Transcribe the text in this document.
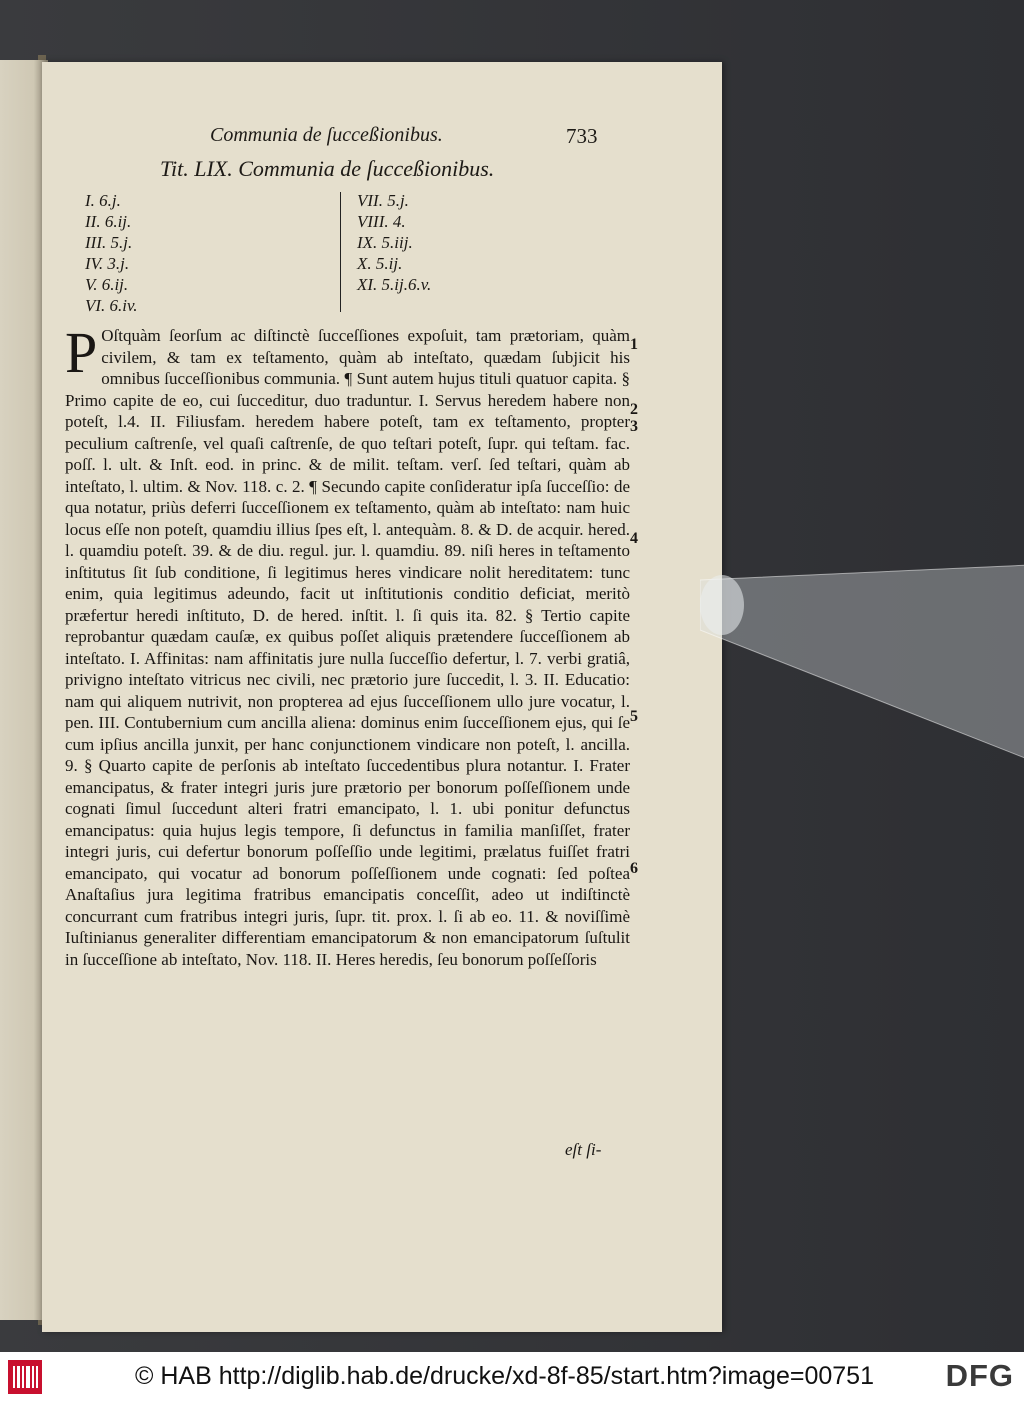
Communia de ſucceßionibus.	733
Tit. LIX. Communia de ſucceßionibus.
I. 6.j.
II. 6.ij.
III. 5.j.
IV. 3.j.
V. 6.ij.
VI. 6.iv.
VII. 5.j.
VIII. 4.
IX. 5.iij.
X. 5.ij.
XI. 5.ij.6.v.
P Oſtquàm ſeorſum ac diſtinctè ſucceſſiones expoſuit, tam prætoriam, quàm civilem, & tam ex teſtamento, quàm ab inteſtato, quædam ſubjicit his omnibus ſucceſſionibus communia. ¶ Sunt autem hujus tituli quatuor capita. § Primo capite de eo, cui ſucceditur, duo traduntur. I. Servus heredem habere non poteſt, l.4. II. Filiusfam. heredem habere poteſt, tam ex teſtamento, propter peculium caſtrenſe, vel quaſi caſtrenſe, de quo teſtari poteſt, ſupr. qui teſtam. fac. poſſ. l. ult. & Inſt. eod. in princ. & de milit. teſtam. verſ. ſed teſtari, quàm ab inteſtato, l. ultim. & Nov. 118. c. 2. ¶ Secundo capite conſideratur ipſa ſucceſſio: de qua notatur, priùs deferri ſucceſſionem ex teſtamento, quàm ab inteſtato: nam huic locus eſſe non poteſt, quamdiu illius ſpes eſt, l. antequàm. 8. & D. de acquir. hered. l. quamdiu poteſt. 39. & de diu. regul. jur. l. quamdiu. 89. niſi heres in teſtamento inſtitutus ſit ſub conditione, ſi legitimus heres vindicare nolit hereditatem: tunc enim, quia legitimus adeundo, facit ut inſtitutionis conditio deficiat, meritò præfertur heredi inſtituto, D. de hered. inſtit. l. ſi quis ita. 82. § Tertio capite reprobantur quædam cauſæ, ex quibus poſſet aliquis prætendere ſucceſſionem ab inteſtato. I. Affinitas: nam affinitatis jure nulla ſucceſſio defertur, l. 7. verbi gratiâ, privigno inteſtato vitricus nec civili, nec prætorio jure ſuccedit, l. 3. II. Educatio: nam qui aliquem nutrivit, non propterea ad ejus ſucceſſionem ullo jure vocatur, l. pen. III. Contubernium cum ancilla aliena: dominus enim ſucceſſionem ejus, qui ſe cum ipſius ancilla junxit, per hanc conjunctionem vindicare non poteſt, l. ancilla. 9. § Quarto capite de perſonis ab inteſtato ſuccedentibus plura notantur. I. Frater emancipatus, & frater integri juris jure prætorio per bonorum poſſeſſionem unde cognati ſimul ſuccedunt alteri fratri emancipato, l. 1. ubi ponitur defunctus emancipatus: quia hujus legis tempore, ſi defunctus in familia manſiſſet, frater integri juris, cui defertur bonorum poſſeſſio unde legitimi, prælatus fuiſſet fratri emancipato, qui vocatur ad bonorum poſſeſſionem unde cognati: ſed poſtea Anaſtaſius jura legitima fratribus emancipatis conceſſit, adeo ut indiſtinctè concurrant cum fratribus integri juris, ſupr. tit. prox. l. ſi ab eo. 11. & noviſſimè Iuſtinianus generaliter differentiam emancipatorum & non emancipatorum ſuſtulit in ſucceſſione ab inteſtato, Nov. 118. II. Heres heredis, ſeu bonorum poſſeſſoris

1
2
3
4
5
6
eſt ſi-
© HAB http://diglib.hab.de/drucke/xd-8f-85/start.htm?image=00751 DFG
